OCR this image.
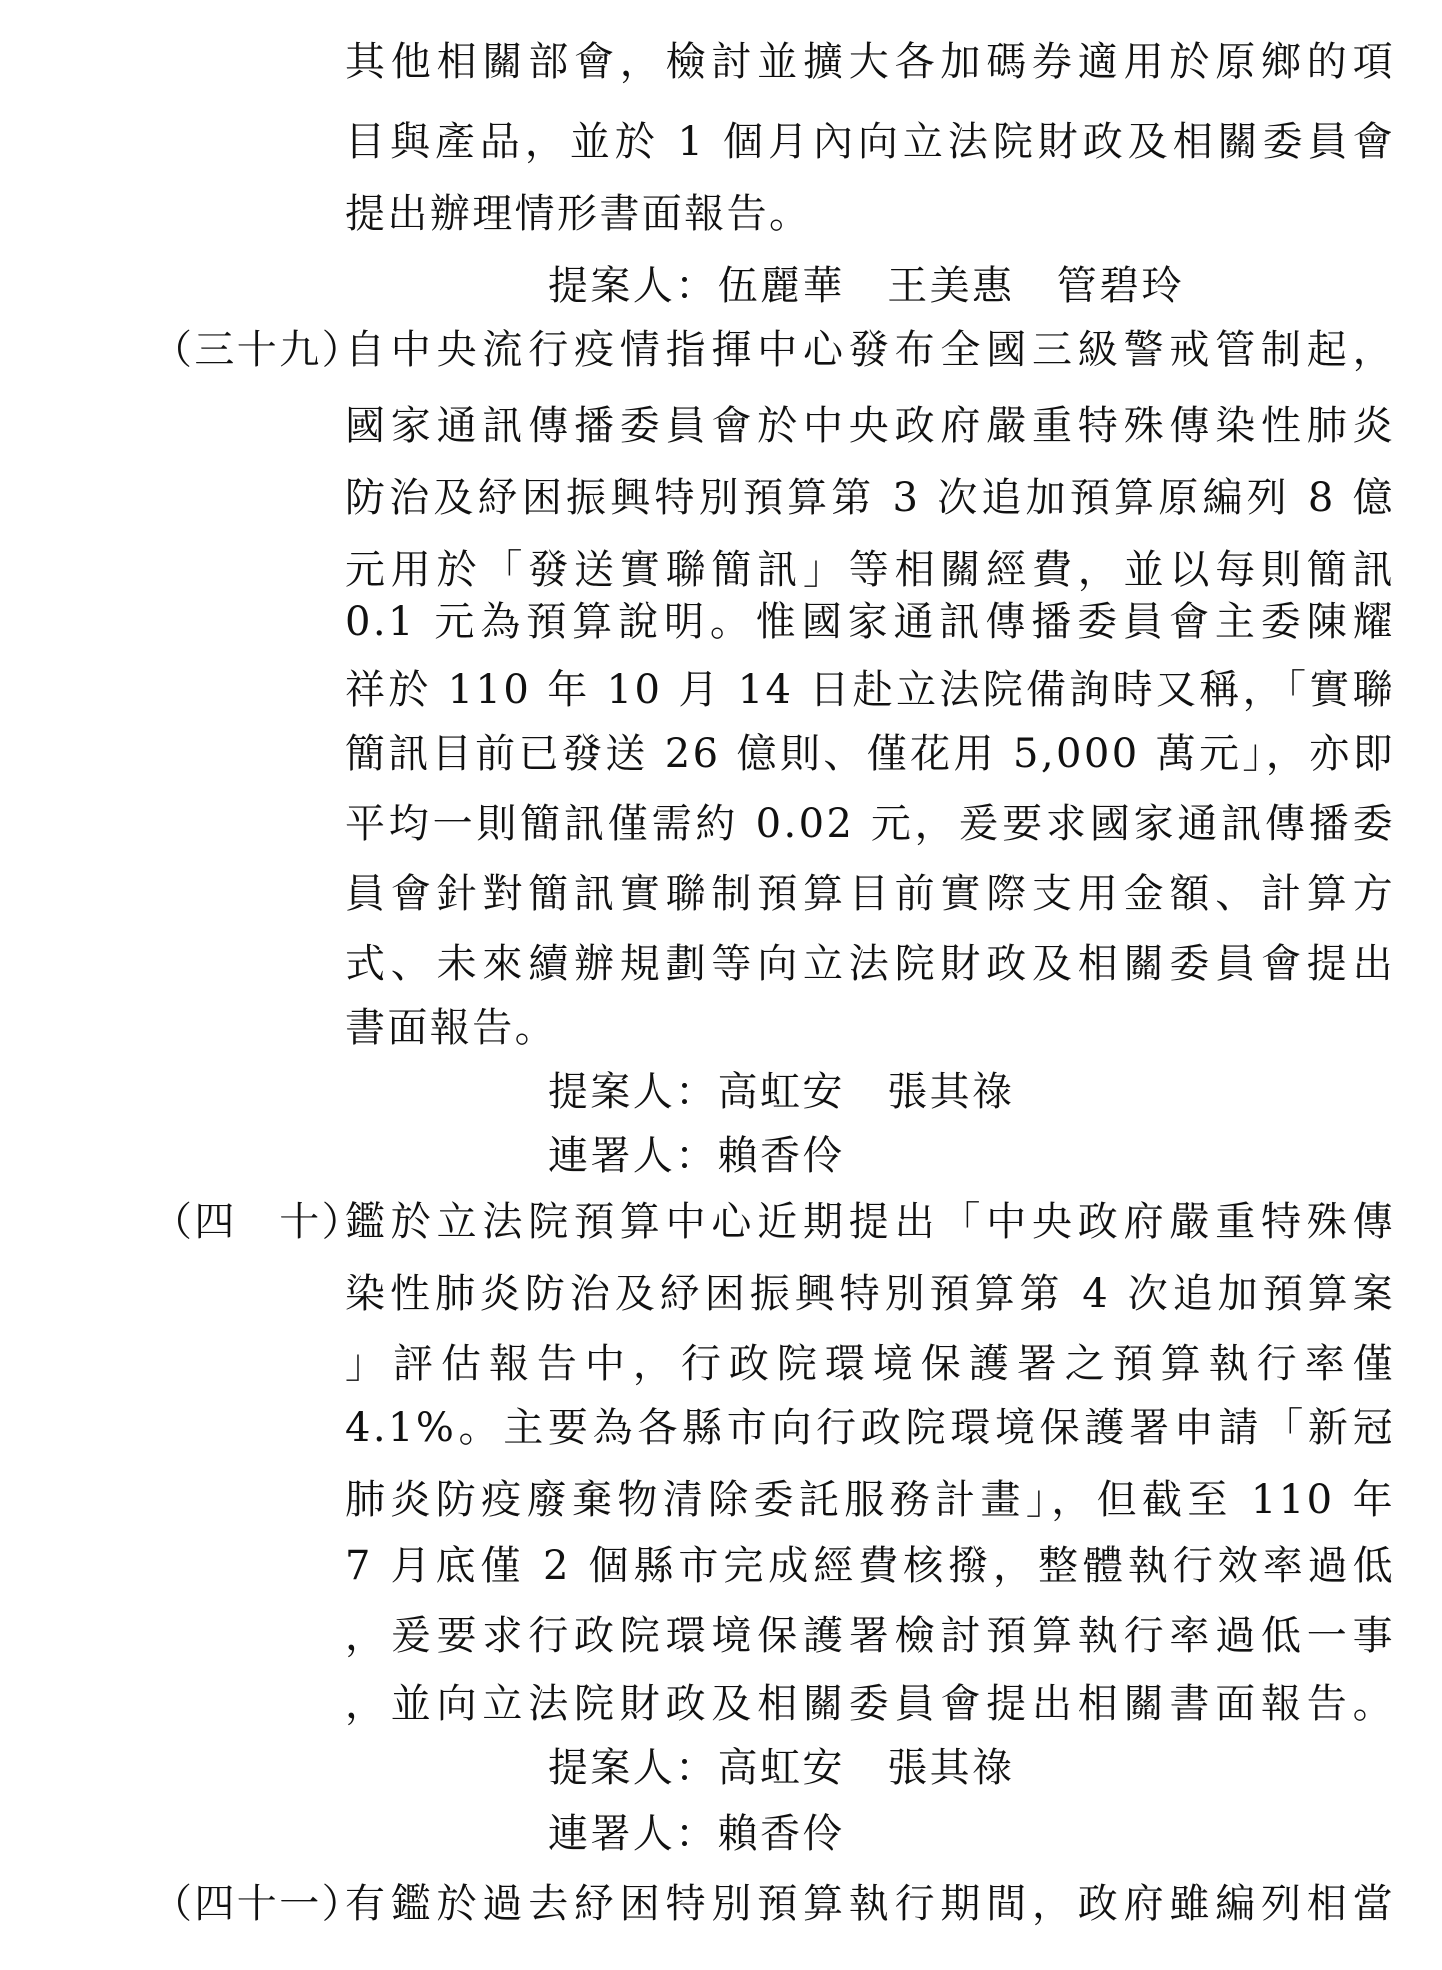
其他相關部會，檢討並擴大各加碼券適用於原鄉的項
目與產品，並於 1 個月內向立法院財政及相關委員會
提出辦理情形書面報告。
提案人：伍麗華　王美惠　管碧玲
（三十九）
自中央流行疫情指揮中心發布全國三級警戒管制起，
國家通訊傳播委員會於中央政府嚴重特殊傳染性肺炎
防治及紓困振興特別預算第 3 次追加預算原編列 8 億
元用於「發送實聯簡訊」等相關經費，並以每則簡訊
0.1 元為預算說明。惟國家通訊傳播委員會主委陳耀
祥於 110 年 10 月 14 日赴立法院備詢時又稱，「實聯
簡訊目前已發送 26 億則、僅花用 5,000 萬元」，亦即
平均一則簡訊僅需約 0.02 元，爰要求國家通訊傳播委
員會針對簡訊實聯制預算目前實際支用金額、計算方
式、未來續辦規劃等向立法院財政及相關委員會提出
書面報告。
提案人：高虹安　張其祿
連署人：賴香伶
（四　十）
鑑於立法院預算中心近期提出「中央政府嚴重特殊傳
染性肺炎防治及紓困振興特別預算第 4 次追加預算案
」評估報告中，行政院環境保護署之預算執行率僅
4.1%。主要為各縣市向行政院環境保護署申請「新冠
肺炎防疫廢棄物清除委託服務計畫」，但截至 110 年
7 月底僅 2 個縣市完成經費核撥，整體執行效率過低
，爰要求行政院環境保護署檢討預算執行率過低一事
，並向立法院財政及相關委員會提出相關書面報告。
提案人：高虹安　張其祿
連署人：賴香伶
（四十一）
有鑑於過去紓困特別預算執行期間，政府雖編列相當
